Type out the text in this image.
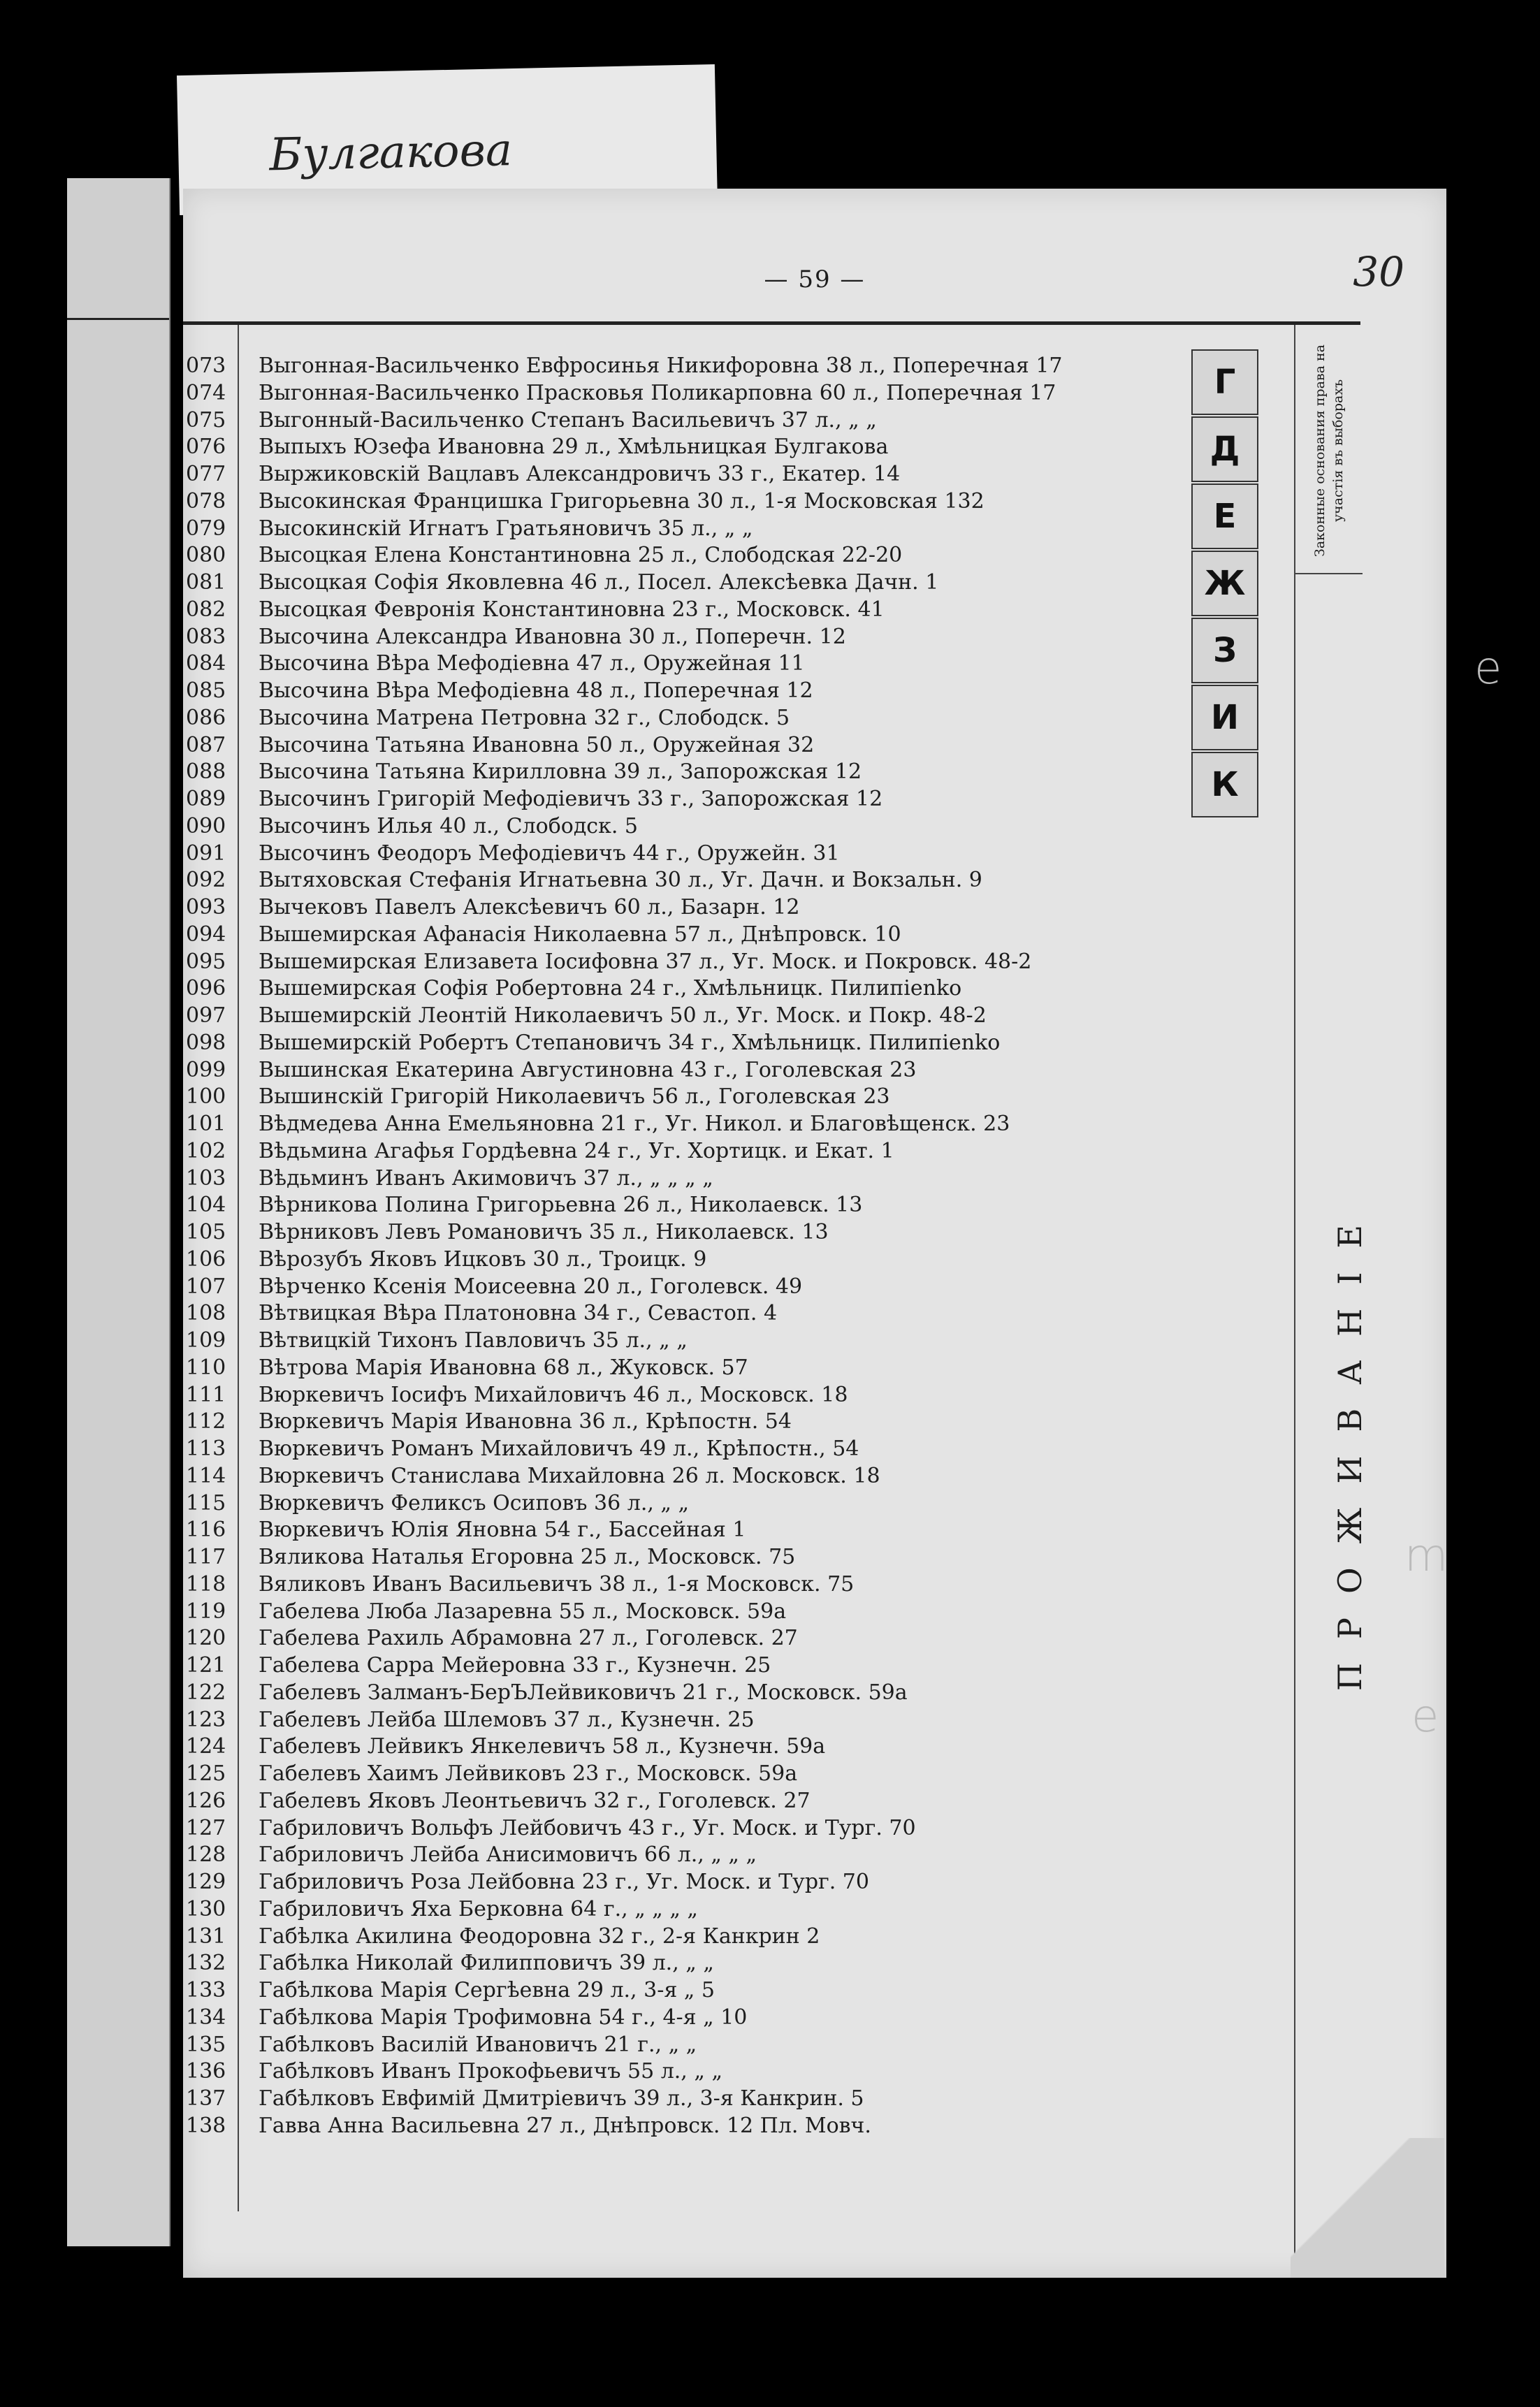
Булгакова
— 59 —	30
Законные основания права на участiя въ выборахъ
ПРОЖИВАНIЕ
073	Выгонная-Васильченко Евфросинья Никифоровна 38 л., Поперечная 17
074	Выгонная-Васильченко Прасковья Поликарповна 60 л., Поперечная 17
075	Выгонный-Васильченко Степанъ Васильевичъ 37 л., „ „
076	Выпыхъ Юзефа Ивановна 29 л., Хмѣльницкая Булгакова
077	Выржиковскiй Вацлавъ Александровичъ 33 г., Екатер. 14
078	Высокинская Францишка Григорьевна 30 л., 1-я Московская 132
079	Высокинскiй Игнатъ Гратьяновичъ 35 л., „ „
080	Высоцкая Елена Константиновна 25 л., Слободская 22-20
081	Высоцкая Софiя Яковлевна 46 л., Посел. Алексѣевка Дачн. 1
082	Высоцкая Февронiя Константиновна 23 г., Московск. 41
083	Высочина Александра Ивановна 30 л., Поперечн. 12
084	Высочина Вѣра Мефодiевна 47 л., Оружейная 11
085	Высочина Вѣра Мефодiевна 48 л., Поперечная 12
086	Высочина Матрена Петровна 32 г., Слободск. 5
087	Высочина Татьяна Ивановна 50 л., Оружейная 32
088	Высочина Татьяна Кирилловна 39 л., Запорожская 12
089	Высочинъ Григорiй Мефодiевичъ 33 г., Запорожская 12
090	Высочинъ Илья 40 л., Слободск. 5
091	Высочинъ Феодоръ Мефодiевичъ 44 г., Оружейн. 31
092	Вытяховская Стефанiя Игнатьевна 30 л., Уг. Дачн. и Вокзальн. 9
093	Вычековъ Павелъ Алексѣевичъ 60 л., Базарн. 12
094	Вышемирская Афанасiя Николаевна 57 л., Днѣпровск. 10
095	Вышемирская Елизавета Iосифовна 37 л., Уг. Моск. и Покровск. 48-2
096	Вышемирская Софiя Робертовна 24 г., Хмѣльницк. Пилипienko
097	Вышемирскiй Леонтiй Николаевичъ 50 л., Уг. Моск. и Покр. 48-2
098	Вышемирскiй Робертъ Степановичъ 34 г., Хмѣльницк. Пилипienko
099	Вышинская Екатерина Августиновна 43 г., Гоголевская 23
100	Вышинскiй Григорiй Николаевичъ 56 л., Гоголевская 23
101	Вѣдмедева Анна Емельяновна 21 г., Уг. Никол. и Благовѣщенск. 23
102	Вѣдьмина Агафья Гордѣевна 24 г., Уг. Хортицк. и Екат. 1
103	Вѣдьминъ Иванъ Акимовичъ 37 л., „ „ „ „
104	Вѣрникова Полина Григорьевна 26 л., Николаевск. 13
105	Вѣрниковъ Левъ Романовичъ 35 л., Николаевск. 13
106	Вѣрозубъ Яковъ Ицковъ 30 л., Троицк. 9
107	Вѣрченко Ксенiя Моисеевна 20 л., Гоголевск. 49
108	Вѣтвицкая Вѣра Платоновна 34 г., Севастоп. 4
109	Вѣтвицкiй Тихонъ Павловичъ 35 л., „ „
110	Вѣтрова Марiя Ивановна 68 л., Жуковск. 57
111	Вюркевичъ Iосифъ Михайловичъ 46 л., Московск. 18
112	Вюркевичъ Марiя Ивановна 36 л., Крѣпостн. 54
113	Вюркевичъ Романъ Михайловичъ 49 л., Крѣпостн., 54
114	Вюркевичъ Станислава Михайловна 26 л. Московск. 18
115	Вюркевичъ Феликсъ Осиповъ 36 л., „ „
116	Вюркевичъ Юлiя Яновна 54 г., Бассейная 1
117	Вяликова Наталья Егоровна 25 л., Московск. 75
118	Вяликовъ Иванъ Васильевичъ 38 л., 1-я Московск. 75
119	Габелева Люба Лазаревна 55 л., Московск. 59а
120	Габелева Рахиль Абрамовна 27 л., Гоголевск. 27
121	Габелева Сарра Мейеровна 33 г., Кузнечн. 25
122	Габелевъ Залманъ-БерЪЛейвиковичъ 21 г., Московск. 59а
123	Габелевъ Лейба Шлемовъ 37 л., Кузнечн. 25
124	Габелевъ Лейвикъ Янкелевичъ 58 л., Кузнечн. 59а
125	Габелевъ Хаимъ Лейвиковъ 23 г., Московск. 59а
126	Габелевъ Яковъ Леонтьевичъ 32 г., Гоголевск. 27
127	Габриловичъ Вольфъ Лейбовичъ 43 г., Уг. Моск. и Тург. 70
128	Габриловичъ Лейба Анисимовичъ 66 л., „ „ „
129	Габриловичъ Роза Лейбовна 23 г., Уг. Моск. и Тург. 70
130	Габриловичъ Яха Берковна 64 г., „ „ „ „
131	Габѣлка Акилина Феодоровна 32 г., 2-я Канкрин 2
132	Габѣлка Николай Филипповичъ 39 л., „ „
133	Габѣлкова Марiя Сергѣевна 29 л., 3-я „ 5
134	Габѣлкова Марiя Трофимовна 54 г., 4-я „ 10
135	Габѣлковъ Василiй Ивановичъ 21 г., „ „
136	Габѣлковъ Иванъ Прокофьевичъ 55 л., „ „
137	Габѣлковъ Евфимiй Дмитрiевичъ 39 л., 3-я Канкрин. 5
138	Гавва Анна Васильевна 27 л., Днѣпровск. 12 Пл. Мовч.
Г
Д
Е
Ж
З
И
К
e
m
e
